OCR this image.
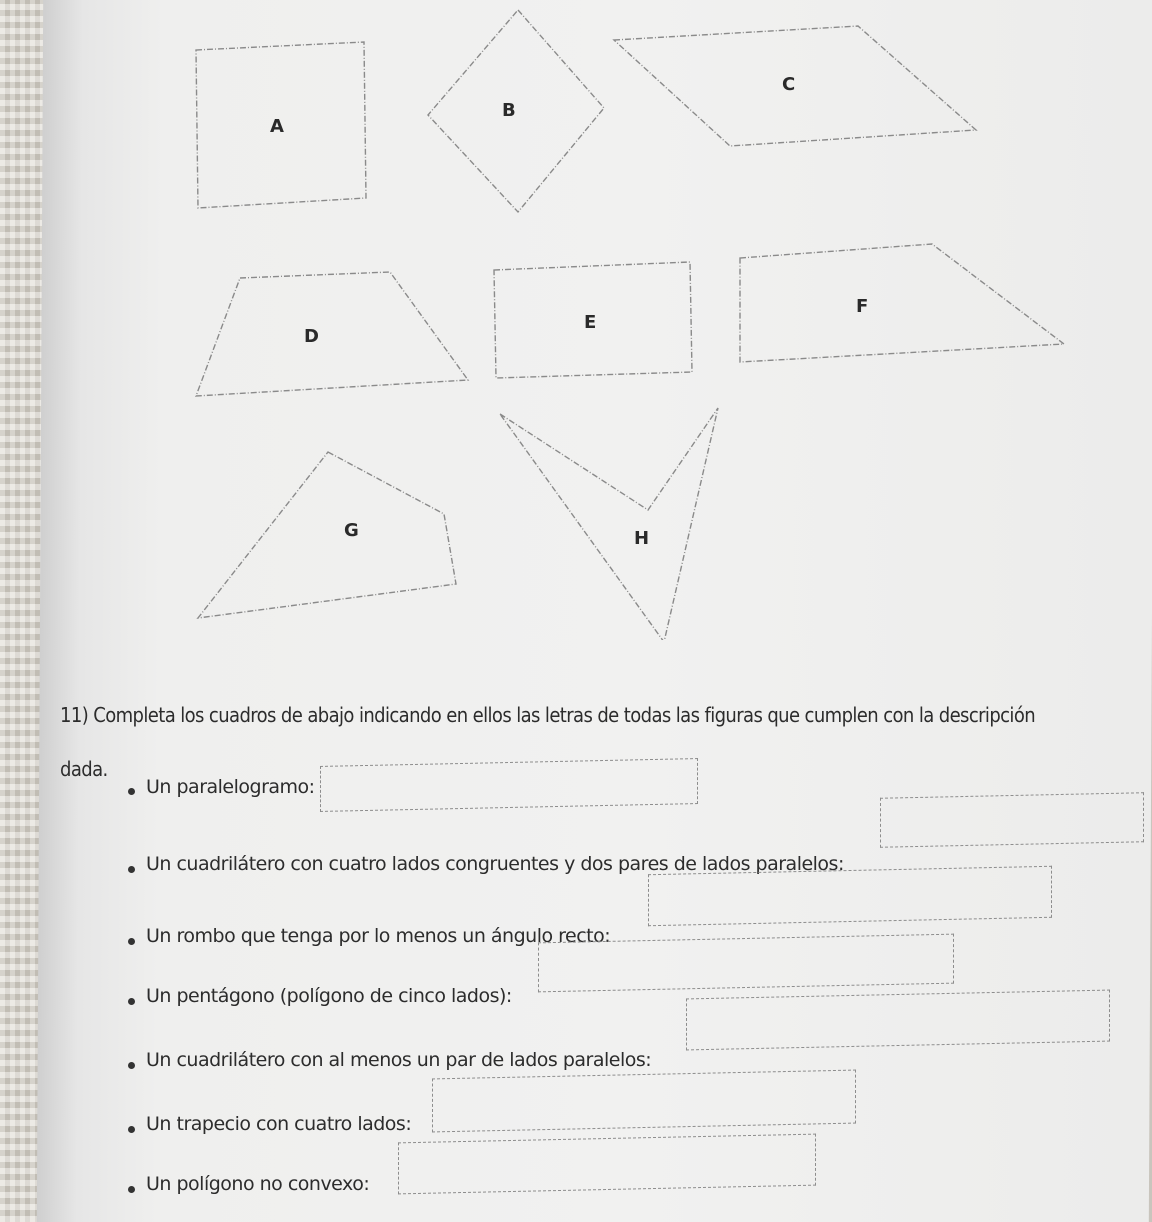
A
B
C
D
E
F
G	H
11) Completa los cuadros de abajo indicando en ellos las letras de todas las figuras que cumplen con la descripción
dada.
Un paralelogramo:
Un cuadrilátero con cuatro lados congruentes y dos pares de lados paralelos:
Un rombo que tenga por lo menos un ángulo recto:
Un pentágono (polígono de cinco lados):
Un cuadrilátero con al menos un par de lados paralelos:
Un trapecio con cuatro lados:
Un polígono no convexo:
